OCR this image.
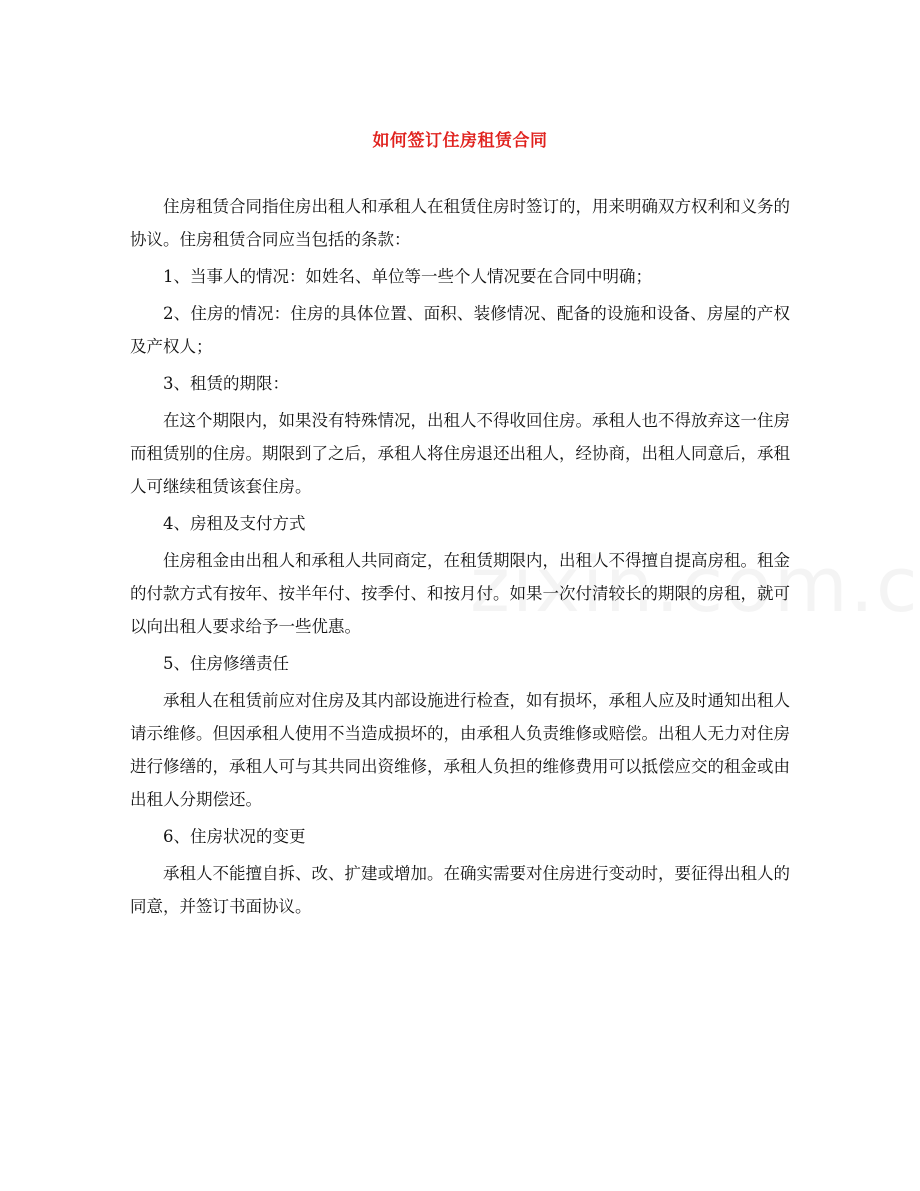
如何签订住房租赁合同

住房租赁合同指住房出租人和承租人在租赁住房时签订的，用来明确双方权利和义务的协议。住房租赁合同应当包括的条款：

1、当事人的情况：如姓名、单位等一些个人情况要在合同中明确；

2、住房的情况：住房的具体位置、面积、装修情况、配备的设施和设备、房屋的产权及产权人；

3、租赁的期限：

在这个期限内，如果没有特殊情况，出租人不得收回住房。承租人也不得放弃这一住房而租赁别的住房。期限到了之后，承租人将住房退还出租人，经协商，出租人同意后，承租人可继续租赁该套住房。

4、房租及支付方式

住房租金由出租人和承租人共同商定，在租赁期限内，出租人不得擅自提高房租。租金的付款方式有按年、按半年付、按季付、和按月付。如果一次付清较长的期限的房租，就可以向出租人要求给予一些优惠。

5、住房修缮责任

承租人在租赁前应对住房及其内部设施进行检查，如有损坏，承租人应及时通知出租人请示维修。但因承租人使用不当造成损坏的，由承租人负责维修或赔偿。出租人无力对住房进行修缮的，承租人可与其共同出资维修，承租人负担的维修费用可以抵偿应交的租金或由出租人分期偿还。

6、住房状况的变更

承租人不能擅自拆、改、扩建或增加。在确实需要对住房进行变动时，要征得出租人的同意，并签订书面协议。
